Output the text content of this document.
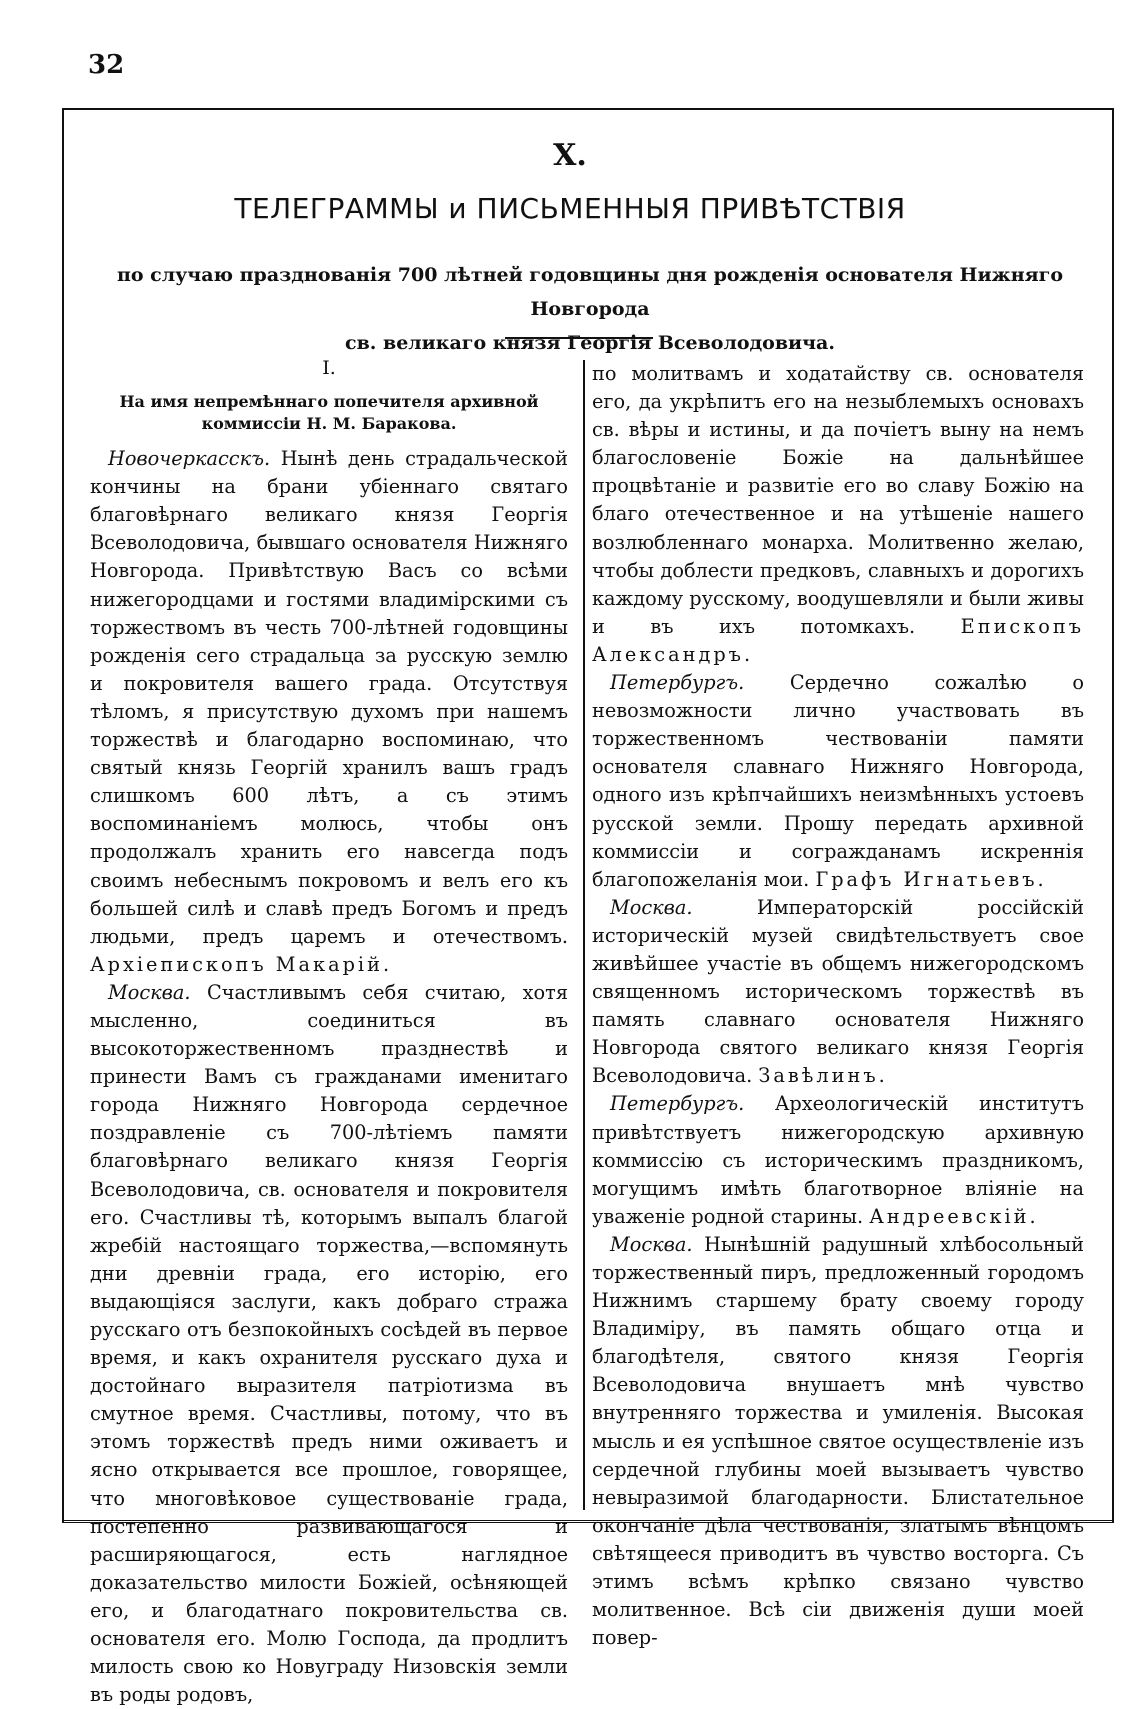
32
X.
ТЕЛЕГРАММЫ и ПИСЬМЕННЫЯ ПРИВѢТСТВІЯ
по случаю празднованія 700 лѣтней годовщины дня рожденія основателя Нижняго Новгорода
св. великаго князя Георгія Всеволодовича.
I.
На имя непремѣннаго попечителя архивной коммиссіи Н. М. Баракова.

Новочеркасскъ. Нынѣ день страдальческой кончины на брани убіеннаго святаго благовѣрнаго великаго князя Георгія Всеволодовича, бывшаго основателя Нижняго Новгорода. Привѣтствую Васъ со всѣми нижегородцами и гостями владимірскими съ торжествомъ въ честь 700-лѣтней годовщины рожденія сего страдальца за русскую землю и покровителя вашего града. Отсутствуя тѣломъ, я присутствую духомъ при нашемъ торжествѣ и благодарно воспоминаю, что святый князь Георгій хранилъ вашъ градъ слишкомъ 600 лѣтъ, а съ этимъ воспоминаніемъ молюсь, чтобы онъ продолжалъ хранить его навсегда подъ своимъ небеснымъ покровомъ и велъ его къ большей силѣ и славѣ предъ Богомъ и предъ людьми, предъ царемъ и отечествомъ. Архіепископъ Макарій.

Москва. Счастливымъ себя считаю, хотя мысленно, соединиться въ высокоторжественномъ празднествѣ и принести Вамъ съ гражданами именитаго города Нижняго Новгорода сердечное поздравленіе съ 700-лѣтіемъ памяти благовѣрнаго великаго князя Георгія Всеволодовича, св. основателя и покровителя его. Счастливы тѣ, которымъ выпалъ благой жребій настоящаго торжества,—вспомянуть дни древніи града, его исторію, его выдающіяся заслуги, какъ добраго стража русскаго отъ безпокойныхъ сосѣдей въ первое время, и какъ охранителя русскаго духа и достойнаго выразителя патріотизма въ смутное время. Счастливы, потому, что въ этомъ торжествѣ предъ ними оживаетъ и ясно открывается все прошлое, говорящее, что многовѣковое существованіе града, постепенно развивающагося и расширяющагося, есть наглядное доказательство милости Божіей, осѣняющей его, и благодатнаго покровительства св. основателя его. Молю Господа, да продлитъ милость свою ко Новуграду Низовскія земли въ роды родовъ,

по молитвамъ и ходатайству св. основателя его, да укрѣпитъ его на незыблемыхъ основахъ св. вѣры и истины, и да почіетъ выну на немъ благословеніе Божіе на дальнѣйшее процвѣтаніе и развитіе его во славу Божію на благо отечественное и на утѣшеніе нашего возлюбленнаго монарха. Молитвенно желаю, чтобы доблести предковъ, славныхъ и дорогихъ каждому русскому, воодушевляли и были живы и въ ихъ потомкахъ. Епископъ Александръ.

Петербургъ. Сердечно сожалѣю о невозможности лично участвовать въ торжественномъ чествованіи памяти основателя славнаго Нижняго Новгорода, одного изъ крѣпчайшихъ неизмѣнныхъ устоевъ русской земли. Прошу передать архивной коммиссіи и согражданамъ искреннія благопожеланія мои. Графъ Игнатьевъ.

Москва.	Императорскій россійскій историческій музей свидѣтельствуетъ свое живѣйшее участіе въ общемъ нижегородскомъ священномъ историческомъ торжествѣ въ память славнаго основателя Нижняго Новгорода святого великаго князя Георгія Всеволодовича. Завѣлинъ.

Петербургъ. Археологическій институтъ привѣтствуетъ нижегородскую архивную коммиссію съ историческимъ праздникомъ, могущимъ имѣть благотворное вліяніе на уваженіе родной старины. Андреевскій.

Москва. Нынѣшній радушный хлѣбосольный торжественный пиръ, предложенный городомъ Нижнимъ старшему брату своему городу Владиміру, въ память общаго отца и благодѣтеля, святого князя Георгія Всеволодовича внушаетъ мнѣ чувство внутренняго торжества и умиленія. Высокая мысль и ея успѣшное святое осуществленіе изъ сердечной глубины моей вызываетъ чувство невыразимой благодарности. Блистательное окончаніе дѣла чествованія, златымъ вѣнцомъ свѣтящееся приводитъ въ чувство восторга. Съ этимъ всѣмъ крѣпко связано чувство молитвенное. Всѣ сіи движенія души моей повер-
